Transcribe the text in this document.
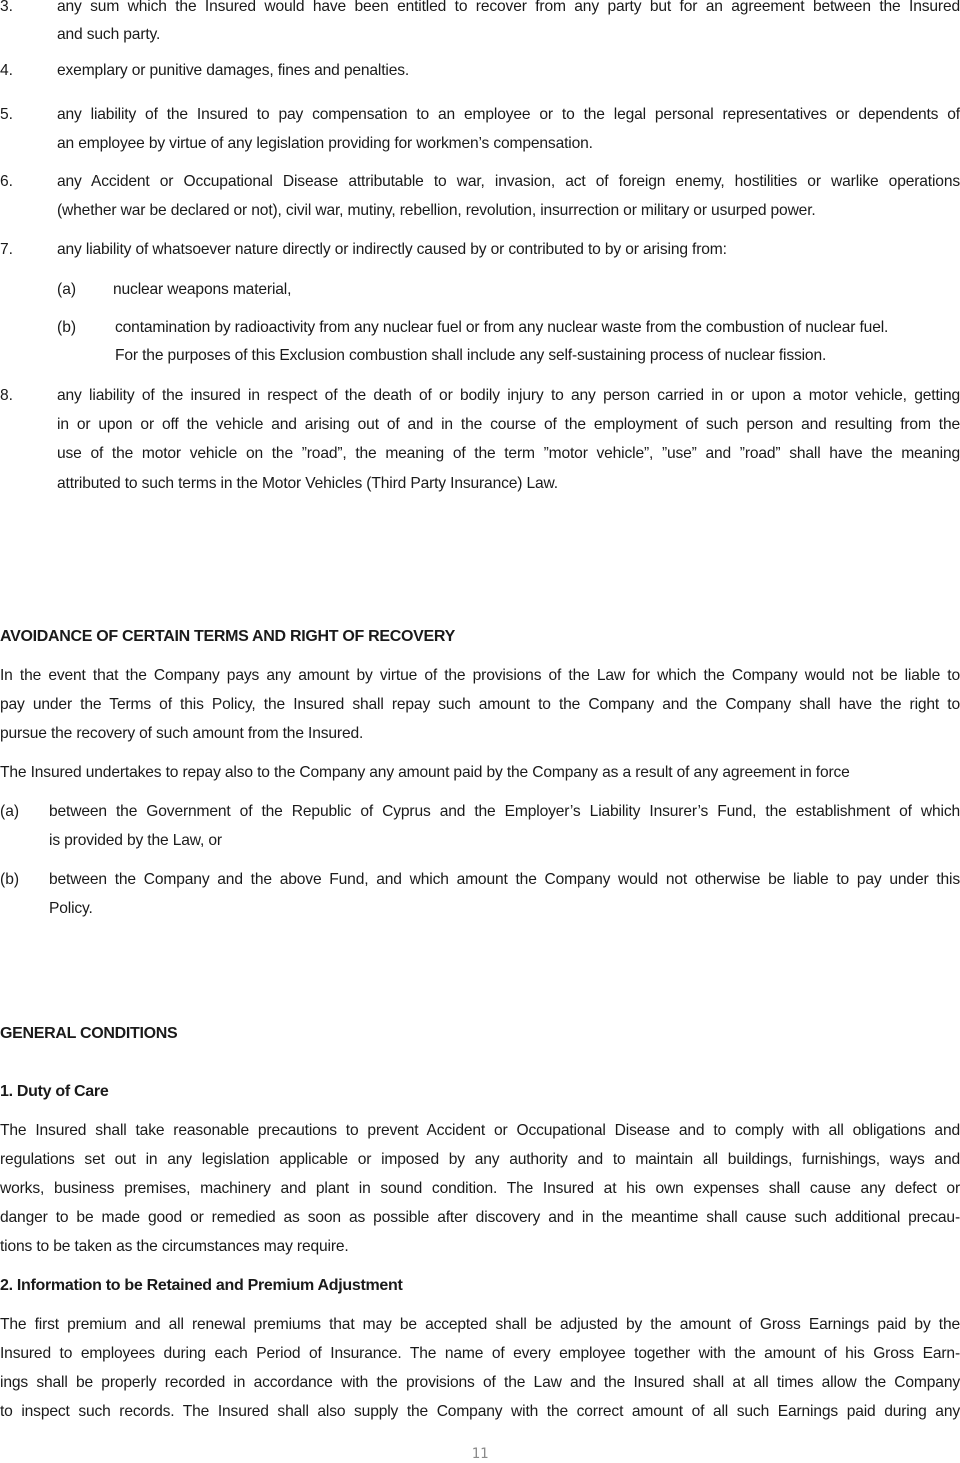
3.	any sum which the Insured would have been entitled to recover from any party but for an agreement between the Insured
and such party.
4.	exemplary or punitive damages, fines and penalties.
5.	any liability of the Insured to pay compensation to an employee or to the legal personal representatives or dependents of
an employee by virtue of any legislation providing for workmen’s compensation.
6.	any Accident or Occupational Disease attributable to war, invasion, act of foreign enemy, hostilities or warlike operations
(whether war be declared or not), civil war, mutiny, rebellion, revolution, insurrection or military or usurped power.
7.	any liability of whatsoever nature directly or indirectly caused by or contributed to by or arising from:
(a) nuclear weapons material,
(b) contamination by radioactivity from any nuclear fuel or from any nuclear waste from the combustion of nuclear fuel.
For the purposes of this Exclusion combustion shall include any self-sustaining process of nuclear fission.
8.	any liability of the insured in respect of the death of or bodily injury to any person carried in or upon a motor vehicle, getting
in or upon or off the vehicle and arising out of and in the course of the employment of such person and resulting from the
use of the motor vehicle on the ”road”, the meaning of the term ”motor vehicle”, ”use” and ”road” shall have the meaning
attributed to such terms in the Motor Vehicles (Third Party Insurance) Law.
AVOIDANCE OF CERTAIN TERMS AND RIGHT OF RECOVERY
In the event that the Company pays any amount by virtue of the provisions of the Law for which the Company would not be liable to
pay under the Terms of this Policy, the Insured shall repay such amount to the Company and the Company shall have the right to
pursue the recovery of such amount from the Insured.
The Insured undertakes to repay also to the Company any amount paid by the Company as a result of any agreement in force
(a) between the Government of the Republic of Cyprus and the Employer’s Liability Insurer’s Fund, the establishment of which
is provided by the Law, or
(b) between the Company and the above Fund, and which amount the Company would not otherwise be liable to pay under this
Policy.
GENERAL CONDITIONS
1. Duty of Care
The Insured shall take reasonable precautions to prevent Accident or Occupational Disease and to comply with all obligations and
regulations set out in any legislation applicable or imposed by any authority and to maintain all buildings, furnishings, ways and
works, business premises, machinery and plant in sound condition. The Insured at his own expenses shall cause any defect or
danger to be made good or remedied as soon as possible after discovery and in the meantime shall cause such additional precau-
tions to be taken as the circumstances may require.
2. Information to be Retained and Premium Adjustment
The first premium and all renewal premiums that may be accepted shall be adjusted by the amount of Gross Earnings paid by the
Insured to employees during each Period of Insurance. The name of every employee together with the amount of his Gross Earn-
ings shall be properly recorded in accordance with the provisions of the Law and the Insured shall at all times allow the Company
to inspect such records. The Insured shall also supply the Company with the correct amount of all such Earnings paid during any
11
